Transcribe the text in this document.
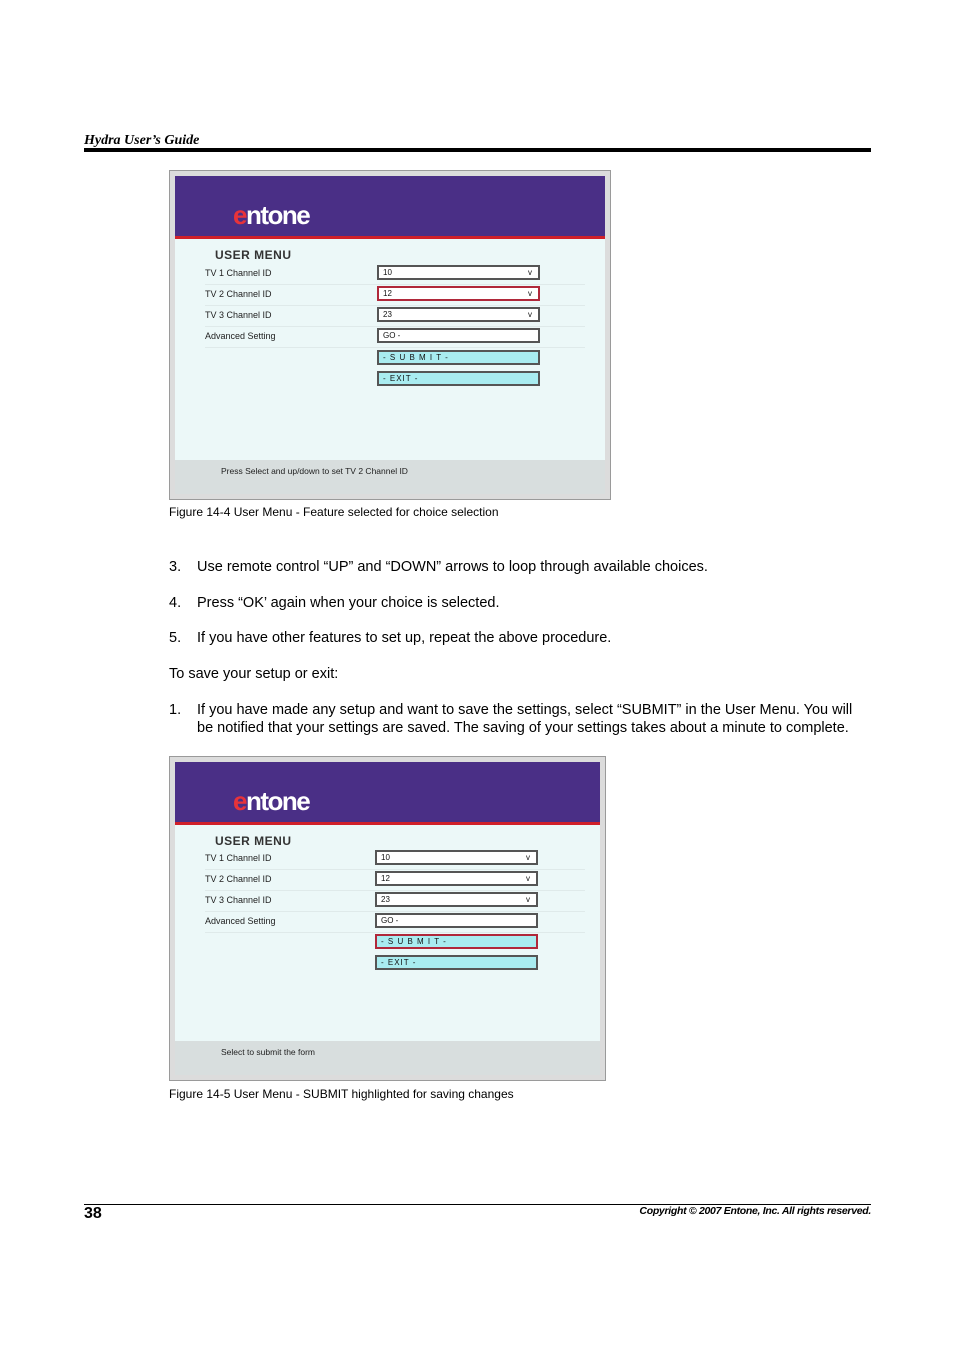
Hydra User’s Guide
entone
USER MENU
TV 1 Channel ID	10	v
TV 2 Channel ID	12	v
TV 3 Channel ID	23	v
Advanced Setting	GO -
- S U B M I T -
- EXIT -
Press Select and up/down to set TV 2 Channel ID
Figure 14-4 User Menu - Feature selected for choice selection
3. Use remote control “UP” and “DOWN” arrows to loop through available choices.
4. Press “OK’ again when your choice is selected.
5. If you have other features to set up, repeat the above procedure.
To save your setup or exit:
1. If you have made any setup and want to save the settings, select “SUBMIT” in the User Menu. You will be notified that your settings are saved. The saving of your settings takes about a minute to complete.
entone
USER MENU
TV 1 Channel ID	10	v
TV 2 Channel ID	12	v
TV 3 Channel ID	23	v
Advanced Setting	GO -
- S U B M I T -
- EXIT -
Select to submit the form
Figure 14-5 User Menu - SUBMIT highlighted for saving changes
38	Copyright © 2007 Entone, Inc. All rights reserved.
